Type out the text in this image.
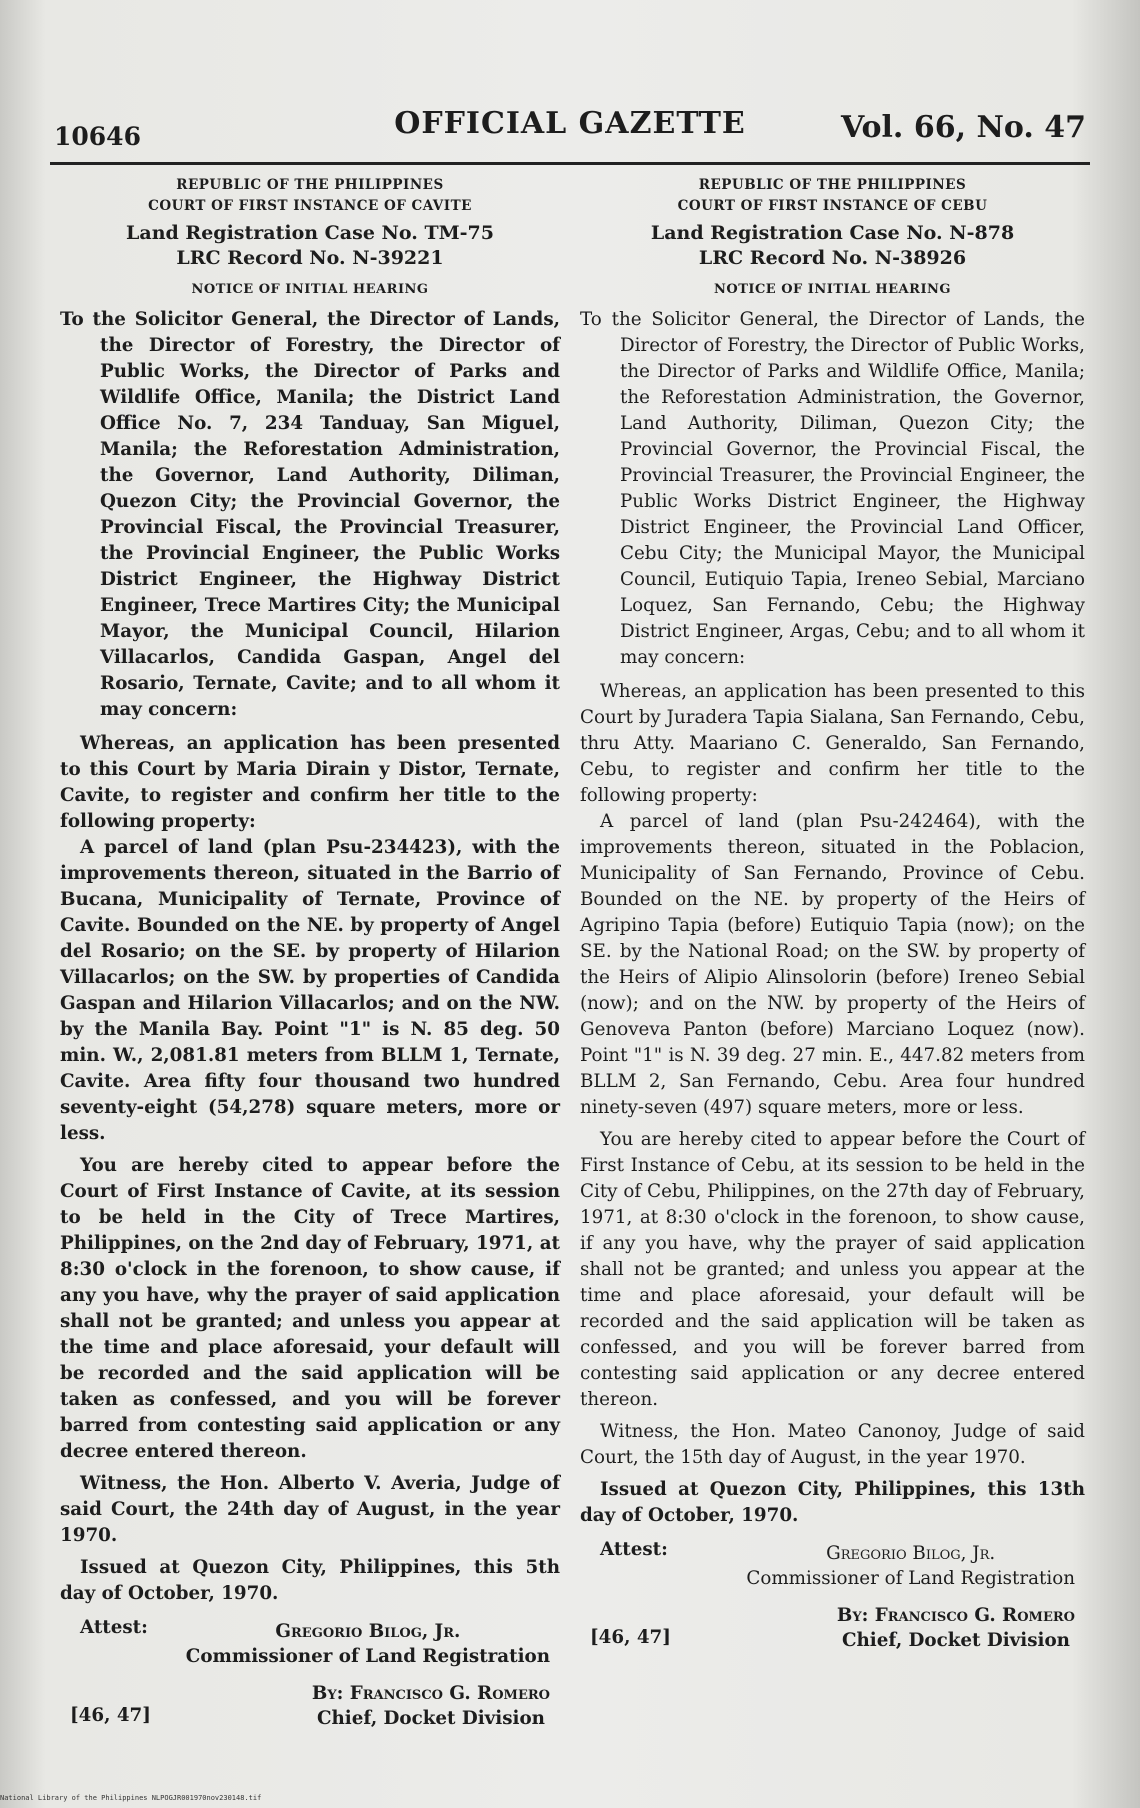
10646	OFFICIAL GAZETTE	Vol. 66, No. 47
REPUBLIC OF THE PHILIPPINES
COURT OF FIRST INSTANCE OF CAVITE
Land Registration Case No. TM-75
LRC Record No. N-39221
NOTICE OF INITIAL HEARING

To the Solicitor General, the Director of Lands, the Director of Forestry, the Director of Public Works, the Director of Parks and Wildlife Office, Manila; the District Land Office No. 7, 234 Tanduay, San Miguel, Manila; the Reforestation Administration, the Governor, Land Authority, Diliman, Quezon City; the Provincial Governor, the Provincial Fiscal, the Provincial Treasurer, the Provincial Engineer, the Public Works District Engineer, the Highway District Engineer, Trece Martires City; the Municipal Mayor, the Municipal Council, Hilarion Villacarlos, Candida Gaspan, Angel del Rosario, Ternate, Cavite; and to all whom it may concern:

Whereas, an application has been presented to this Court by Maria Dirain y Distor, Ternate, Cavite, to register and confirm her title to the following property:

A parcel of land (plan Psu-234423), with the improvements thereon, situated in the Barrio of Bucana, Municipality of Ternate, Province of Cavite. Bounded on the NE. by property of Angel del Rosario; on the SE. by property of Hilarion Villacarlos; on the SW. by properties of Candida Gaspan and Hilarion Villacarlos; and on the NW. by the Manila Bay. Point "1" is N. 85 deg. 50 min. W., 2,081.81 meters from BLLM 1, Ternate, Cavite. Area fifty four thousand two hundred seventy-eight (54,278) square meters, more or less.

You are hereby cited to appear before the Court of First Instance of Cavite, at its session to be held in the City of Trece Martires, Philippines, on the 2nd day of February, 1971, at 8:30 o'clock in the forenoon, to show cause, if any you have, why the prayer of said application shall not be granted; and unless you appear at the time and place aforesaid, your default will be recorded and the said application will be taken as confessed, and you will be forever barred from contesting said application or any decree entered thereon.

Witness, the Hon. Alberto V. Averia, Judge of said Court, the 24th day of August, in the year 1970.

Issued at Quezon City, Philippines, this 5th day of October, 1970.

Attest:	Gregorio Bilog, Jr.
Commissioner of Land Registration
By: Francisco G. Romero
Chief, Docket Division
[46, 47]
REPUBLIC OF THE PHILIPPINES
COURT OF FIRST INSTANCE OF CEBU
Land Registration Case No. N-878
LRC Record No. N-38926
NOTICE OF INITIAL HEARING

To the Solicitor General, the Director of Lands, the Director of Forestry, the Director of Public Works, the Director of Parks and Wildlife Office, Manila; the Reforestation Administration, the Governor, Land Authority, Diliman, Quezon City; the Provincial Governor, the Provincial Fiscal, the Provincial Treasurer, the Provincial Engineer, the Public Works District Engineer, the Highway District Engineer, the Provincial Land Officer, Cebu City; the Municipal Mayor, the Municipal Council, Eutiquio Tapia, Ireneo Sebial, Marciano Loquez, San Fernando, Cebu; the Highway District Engineer, Argas, Cebu; and to all whom it may concern:

Whereas, an application has been presented to this Court by Juradera Tapia Sialana, San Fernando, Cebu, thru Atty. Maariano C. Generaldo, San Fernando, Cebu, to register and confirm her title to the following property:

A parcel of land (plan Psu-242464), with the improvements thereon, situated in the Poblacion, Municipality of San Fernando, Province of Cebu. Bounded on the NE. by property of the Heirs of Agripino Tapia (before) Eutiquio Tapia (now); on the SE. by the National Road; on the SW. by property of the Heirs of Alipio Alinsolorin (before) Ireneo Sebial (now); and on the NW. by property of the Heirs of Genoveva Panton (before) Marciano Loquez (now). Point "1" is N. 39 deg. 27 min. E., 447.82 meters from BLLM 2, San Fernando, Cebu. Area four hundred ninety-seven (497) square meters, more or less.

You are hereby cited to appear before the Court of First Instance of Cebu, at its session to be held in the City of Cebu, Philippines, on the 27th day of February, 1971, at 8:30 o'clock in the forenoon, to show cause, if any you have, why the prayer of said application shall not be granted; and unless you appear at the time and place aforesaid, your default will be recorded and the said application will be taken as confessed, and you will be forever barred from contesting said application or any decree entered thereon.

Witness, the Hon. Mateo Canonoy, Judge of said Court, the 15th day of August, in the year 1970.

Issued at Quezon City, Philippines, this 13th day of October, 1970.

Attest:	Gregorio Bilog, Jr.
Commissioner of Land Registration
By: Francisco G. Romero
Chief, Docket Division
[46, 47]
National Library of the Philippines NLPOGJR001970nov230148.tif
